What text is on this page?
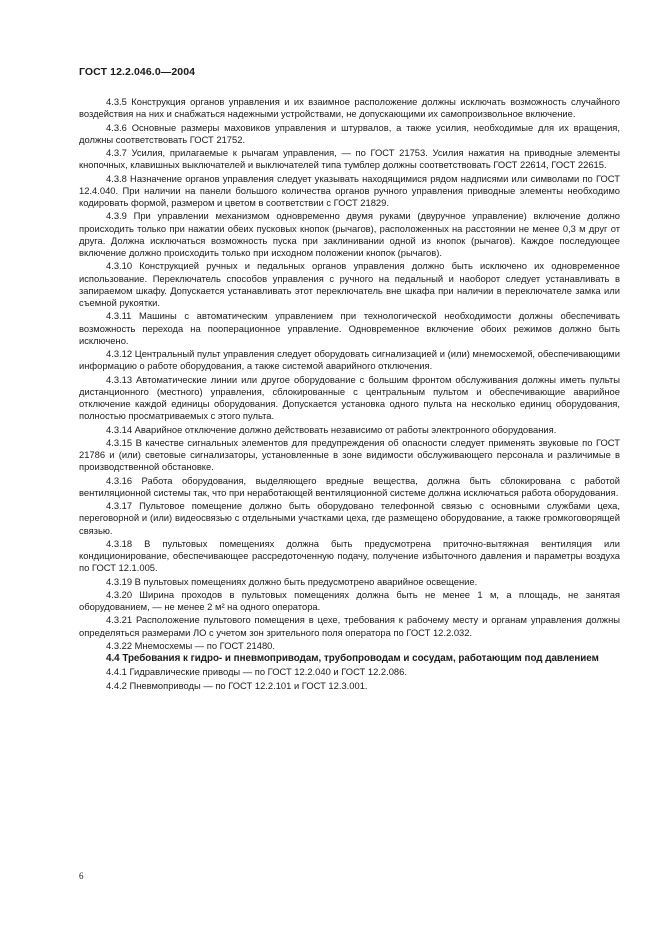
ГОСТ 12.2.046.0—2004

4.3.5 Конструкция органов управления и их взаимное расположение должны исключать возможность случайного воздействия на них и снабжаться надежными устройствами, не допускающими их самопроизвольное включение.

4.3.6 Основные размеры маховиков управления и штурвалов, а также усилия, необходимые для их вращения, должны соответствовать ГОСТ 21752.

4.3.7 Усилия, прилагаемые к рычагам управления, — по ГОСТ 21753. Усилия нажатия на приводные элементы кнопочных, клавишных выключателей и выключателей типа тумблер должны соответствовать ГОСТ 22614, ГОСТ 22615.

4.3.8 Назначение органов управления следует указывать находящимися рядом надписями или символами по ГОСТ 12.4.040. При наличии на панели большого количества органов ручного управления приводные элементы необходимо кодировать формой, размером и цветом в соответствии с ГОСТ 21829.

4.3.9 При управлении механизмом одновременно двумя руками (двуручное управление) включение должно происходить только при нажатии обеих пусковых кнопок (рычагов), расположенных на расстоянии не менее 0,3 м друг от друга. Должна исключаться возможность пуска при заклинивании одной из кнопок (рычагов). Каждое последующее включение должно происходить только при исходном положении кнопок (рычагов).

4.3.10 Конструкцией ручных и педальных органов управления должно быть исключено их одновременное использование. Переключатель способов управления с ручного на педальный и наоборот следует устанавливать в запираемом шкафу. Допускается устанавливать этот переключатель вне шкафа при наличии в переключателе замка или съемной рукоятки.

4.3.11 Машины с автоматическим управлением при технологической необходимости должны обеспечивать возможность перехода на пооперационное управление. Одновременное включение обоих режимов должно быть исключено.

4.3.12 Центральный пульт управления следует оборудовать сигнализацией и (или) мнемосхемой, обеспечивающими информацию о работе оборудования, а также системой аварийного отключения.

4.3.13 Автоматические линии или другое оборудование с большим фронтом обслуживания должны иметь пульты дистанционного (местного) управления, сблокированные с центральным пультом и обеспечивающие аварийное отключение каждой единицы оборудования. Допускается установка одного пульта на несколько единиц оборудования, полностью просматриваемых с этого пульта.

4.3.14 Аварийное отключение должно действовать независимо от работы электронного оборудования.

4.3.15 В качестве сигнальных элементов для предупреждения об опасности следует применять звуковые по ГОСТ 21786 и (или) световые сигнализаторы, установленные в зоне видимости обслуживающего персонала и различимые в производственной обстановке.

4.3.16 Работа оборудования, выделяющего вредные вещества, должна быть сблокирована с работой вентиляционной системы так, что при неработающей вентиляционной системе должна исключаться работа оборудования.

4.3.17 Пультовое помещение должно быть оборудовано телефонной связью с основными службами цеха, переговорной и (или) видеосвязью с отдельными участками цеха, где размещено оборудование, а также громкоговорящей связью.

4.3.18 В пультовых помещениях должна быть предусмотрена приточно-вытяжная вентиляция или кондиционирование, обеспечивающее рассредоточенную подачу, получение избыточного давления и параметры воздуха по ГОСТ 12.1.005.

4.3.19 В пультовых помещениях должно быть предусмотрено аварийное освещение.

4.3.20 Ширина проходов в пультовых помещениях должна быть не менее 1 м, а площадь, не занятая оборудованием, — не менее 2 м² на одного оператора.

4.3.21 Расположение пультового помещения в цехе, требования к рабочему месту и органам управления должны определяться размерами ЛО с учетом зон зрительного поля оператора по ГОСТ 12.2.032.

4.3.22 Мнемосхемы — по ГОСТ 21480.

4.4 Требования к гидро- и пневмоприводам, трубопроводам и сосудам, работающим под давлением

4.4.1 Гидравлические приводы — по ГОСТ 12.2.040 и ГОСТ 12.2.086.

4.4.2 Пневмоприводы — по ГОСТ 12.2.101 и ГОСТ 12.3.001.

6
